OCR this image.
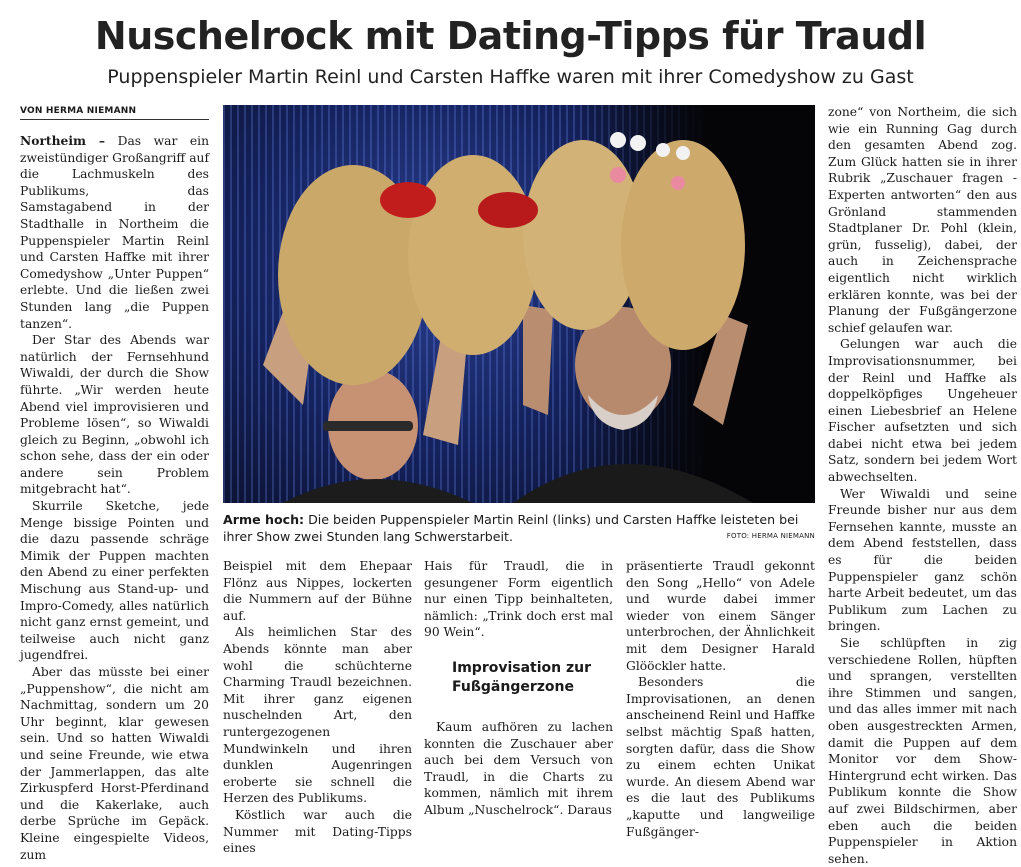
Nuschelrock mit Dating-Tipps für Traudl
Puppenspieler Martin Reinl und Carsten Haffke waren mit ihrer Comedyshow zu Gast
VON HERMA NIEMANN

Northeim – Das war ein zweistündiger Großangriff auf die Lachmuskeln des Publikums, das Samstagabend in der Stadthalle in Northeim die Puppenspieler Martin Reinl und Carsten Haffke mit ihrer Comedyshow „Unter Puppen“ erlebte. Und die ließen zwei Stunden lang „die Puppen tanzen“.

Der Star des Abends war natürlich der Fernsehhund Wiwaldi, der durch die Show führte. „Wir werden heute Abend viel improvisieren und Probleme lösen“, so Wiwaldi gleich zu Beginn, „obwohl ich schon sehe, dass der ein oder andere sein Problem mitgebracht hat“.

Skurrile Sketche, jede Menge bissige Pointen und die dazu passende schräge Mimik der Puppen machten den Abend zu einer perfekten Mischung aus Stand-up- und Impro-Comedy, alles natürlich nicht ganz ernst gemeint, und teilweise auch nicht ganz jugendfrei.

Aber das müsste bei einer „Puppenshow“, die nicht am Nachmittag, sondern um 20 Uhr beginnt, klar gewesen sein. Und so hatten Wiwaldi und seine Freunde, wie etwa der Jammerlappen, das alte Zirkuspferd Horst-Pferdinand und die Kakerlake, auch derbe Sprüche im Gepäck. Kleine eingespielte Videos, zum

Arme hoch: Die beiden Puppenspieler Martin Reinl (links) und Carsten Haffke leisteten bei ihrer Show zwei Stunden lang Schwerstarbeit.	FOTO: HERMA NIEMANN

Beispiel mit dem Ehepaar Flönz aus Nippes, lockerten die Nummern auf der Bühne auf.

Als heimlichen Star des Abends könnte man aber wohl die schüchterne Charming Traudl bezeichnen. Mit ihrer ganz eigenen nuschelnden Art, den runtergezogenen Mundwinkeln und ihren dunklen Augenringen eroberte sie schnell die Herzen des Publikums.

Köstlich war auch die Nummer mit Dating-Tipps eines

Hais für Traudl, die in gesungener Form eigentlich nur einen Tipp beinhalteten, nämlich: „Trink doch erst mal 90 Wein“.

Improvisation zur Fußgängerzone

Kaum aufhören zu lachen konnten die Zuschauer aber auch bei dem Versuch von Traudl, in die Charts zu kommen, nämlich mit ihrem Album „Nuschelrock“. Daraus

präsentierte Traudl gekonnt den Song „Hello“ von Adele und wurde dabei immer wieder von einem Sänger unterbrochen, der Ähnlichkeit mit dem Designer Harald Glööckler hatte.

Besonders die Improvisationen, an denen anscheinend Reinl und Haffke selbst mächtig Spaß hatten, sorgten dafür, dass die Show zu einem echten Unikat wurde. An diesem Abend war es die laut des Publikums „kaputte und langweilige Fußgänger-

zone“ von Northeim, die sich wie ein Running Gag durch den gesamten Abend zog. Zum Glück hatten sie in ihrer Rubrik „Zuschauer fragen - Experten antworten“ den aus Grönland stammenden Stadtplaner Dr. Pohl (klein, grün, fusselig), dabei, der auch in Zeichensprache eigentlich nicht wirklich erklären konnte, was bei der Planung der Fußgängerzone schief gelaufen war.

Gelungen war auch die Improvisationsnummer, bei der Reinl und Haffke als doppelköpfiges Ungeheuer einen Liebesbrief an Helene Fischer aufsetzten und sich dabei nicht etwa bei jedem Satz, sondern bei jedem Wort abwechselten.

Wer Wiwaldi und seine Freunde bisher nur aus dem Fernsehen kannte, musste an dem Abend feststellen, dass es für die beiden Puppenspieler ganz schön harte Arbeit bedeutet, um das Publikum zum Lachen zu bringen.

Sie schlüpften in zig verschiedene Rollen, hüpften und sprangen, verstellten ihre Stimmen und sangen, und das alles immer mit nach oben ausgestreckten Armen, damit die Puppen auf dem Monitor vor dem Show-Hintergrund echt wirken. Das Publikum konnte die Show auf zwei Bildschirmen, aber eben auch die beiden Puppenspieler in Aktion sehen.
